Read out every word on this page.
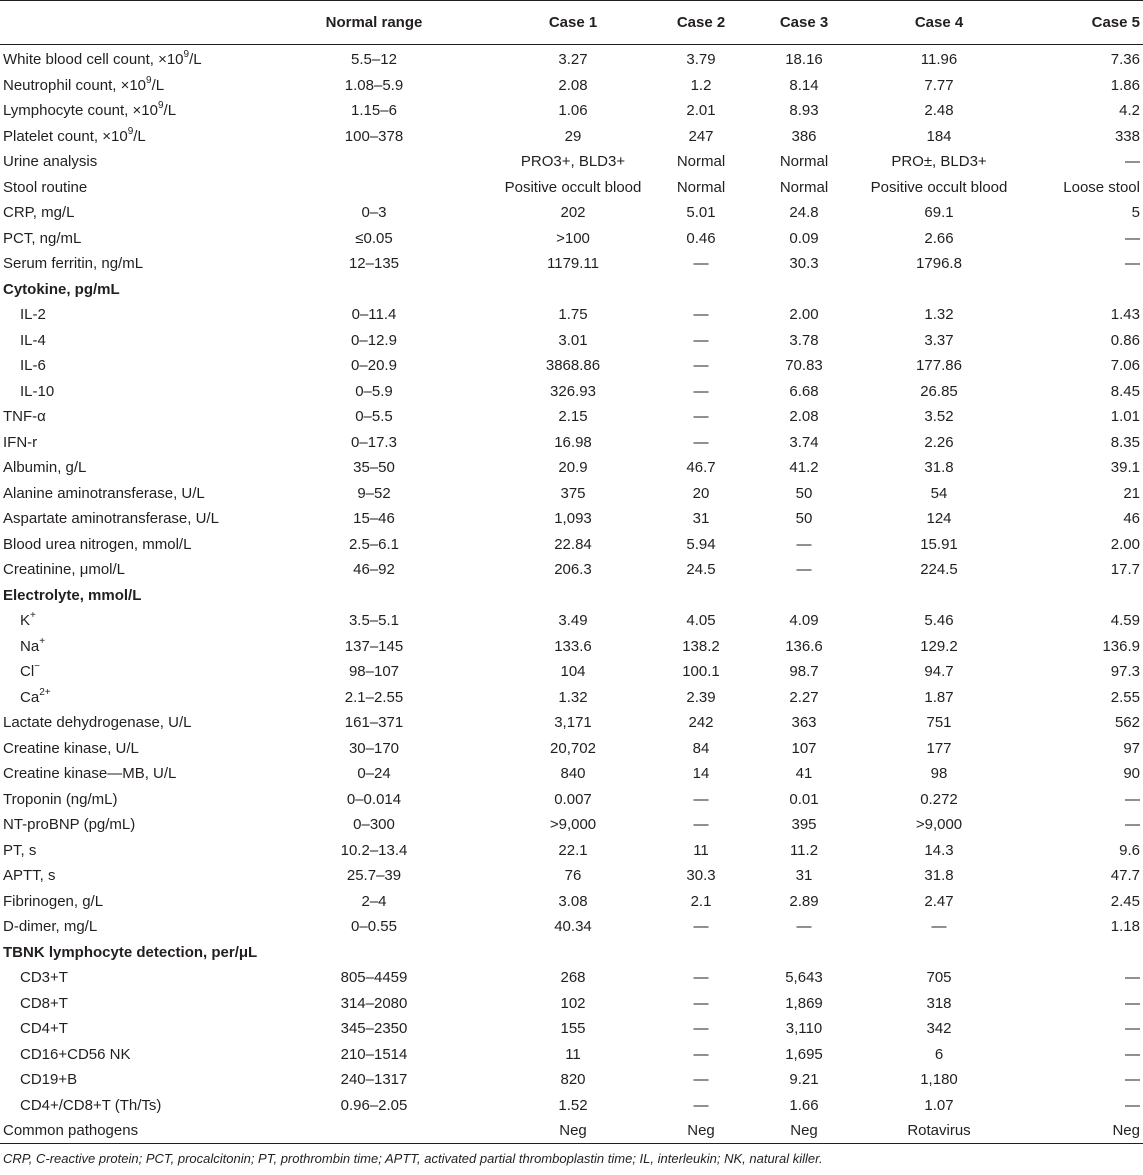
	Normal range	Case 1	Case 2	Case 3	Case 4	Case 5
White blood cell count, $\times 10^9/L$	5.5–12	3.27	3.79	18.16	11.96	7.36
Neutrophil count, $\times 10^9/L$	1.08–5.9	2.08	1.2	8.14	7.77	1.86
Lymphocyte count, $\times 10^9/L$	1.15–6	1.06	2.01	8.93	2.48	4.2
Platelet count, $\times 10^9/L$	100–378	29	247	386	184	338
Urine analysis		PRO3+, BLD3+	Normal	Normal	PRO±, BLD3+	—
Stool routine		Positive occult blood	Normal	Normal	Positive occult blood	Loose stool
CRP, mg/L	0–3	202	5.01	24.8	69.1	5
PCT, ng/mL	≤0.05	>100	0.46	0.09	2.66	—
Serum ferritin, ng/mL	12–135	1179.11	—	30.3	1796.8	—
Cytokine, pg/mL						
IL-2	0–11.4	1.75	—	2.00	1.32	1.43
IL-4	0–12.9	3.01	—	3.78	3.37	0.86
IL-6	0–20.9	3868.86	—	70.83	177.86	7.06
IL-10	0–5.9	326.93	—	6.68	26.85	8.45
TNF-α	0–5.5	2.15	—	2.08	3.52	1.01
IFN-r	0–17.3	16.98	—	3.74	2.26	8.35
Albumin, g/L	35–50	20.9	46.7	41.2	31.8	39.1
Alanine aminotransferase, U/L	9–52	375	20	50	54	21
Aspartate aminotransferase, U/L	15–46	1,093	31	50	124	46
Blood urea nitrogen, mmol/L	2.5–6.1	22.84	5.94	—	15.91	2.00
Creatinine, μmol/L	46–92	206.3	24.5	—	224.5	17.7
Electrolyte, mmol/L						
K+	3.5–5.1	3.49	4.05	4.09	5.46	4.59
Na+	137–145	133.6	138.2	136.6	129.2	136.9
Cl−	98–107	104	100.1	98.7	94.7	97.3
$Ca^{2+}$	2.1–2.55	1.32	2.39	2.27	1.87	2.55
Lactate dehydrogenase, U/L	161–371	3,171	242	363	751	562
Creatine kinase, U/L	30–170	20,702	84	107	177	97
Creatine kinase—MB, U/L	0–24	840	14	41	98	90
Troponin (ng/mL)	0–0.014	0.007	—	0.01	0.272	—
NT-proBNP (pg/mL)	0–300	>9,000	—	395	>9,000	—
PT, s	10.2–13.4	22.1	11	11.2	14.3	9.6
APTT, s	25.7–39	76	30.3	31	31.8	47.7
Fibrinogen, g/L	2–4	3.08	2.1	2.89	2.47	2.45
D-dimer, mg/L	0–0.55	40.34	—	—	—	1.18
TBNK lymphocyte detection, per/μL						
CD3+T	805–4459	268	—	5,643	705	—
CD8+T	314–2080	102	—	1,869	318	—
CD4+T	345–2350	155	—	3,110	342	—
CD16+CD56 NK	210–1514	11	—	1,695	6	—
CD19+B	240–1317	820	—	9.21	1,180	—
CD4+/CD8+T (Th/Ts)	0.96–2.05	1.52	—	1.66	1.07	—
Common pathogens		Neg	Neg	Neg	Rotavirus	Neg
CRP, C-reactive protein; PCT, procalcitonin; PT, prothrombin time; APTT, activated partial thromboplastin time; IL, interleukin; NK, natural killer.
